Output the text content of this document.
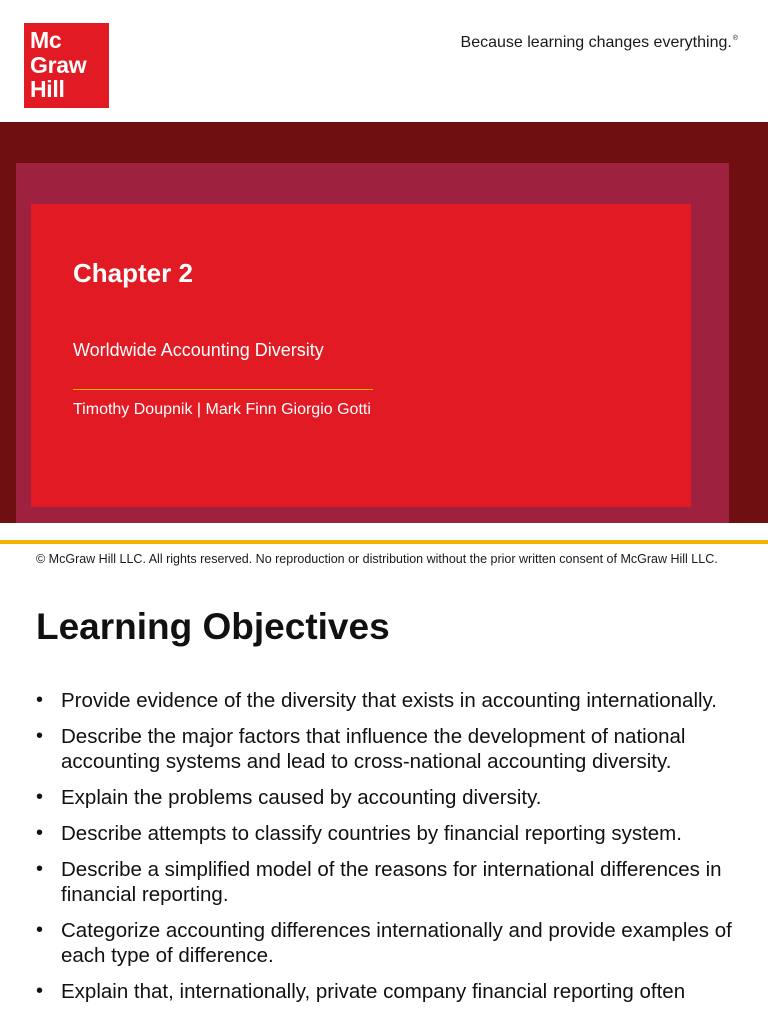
Mc
Graw
Hill
Because learning changes everything.®
Chapter 2
Worldwide Accounting Diversity
Timothy Doupnik | Mark Finn Giorgio Gotti
© McGraw Hill LLC. All rights reserved. No reproduction or distribution without the prior written consent of McGraw Hill LLC.
Learning Objectives
• Provide evidence of the diversity that exists in accounting internationally.
• Describe the major factors that influence the development of national accounting systems and lead to cross-national accounting diversity.
• Explain the problems caused by accounting diversity.
• Describe attempts to classify countries by financial reporting system.
• Describe a simplified model of the reasons for international differences in financial reporting.
• Categorize accounting differences internationally and provide examples of each type of difference.
• Explain that, internationally, private company financial reporting often
